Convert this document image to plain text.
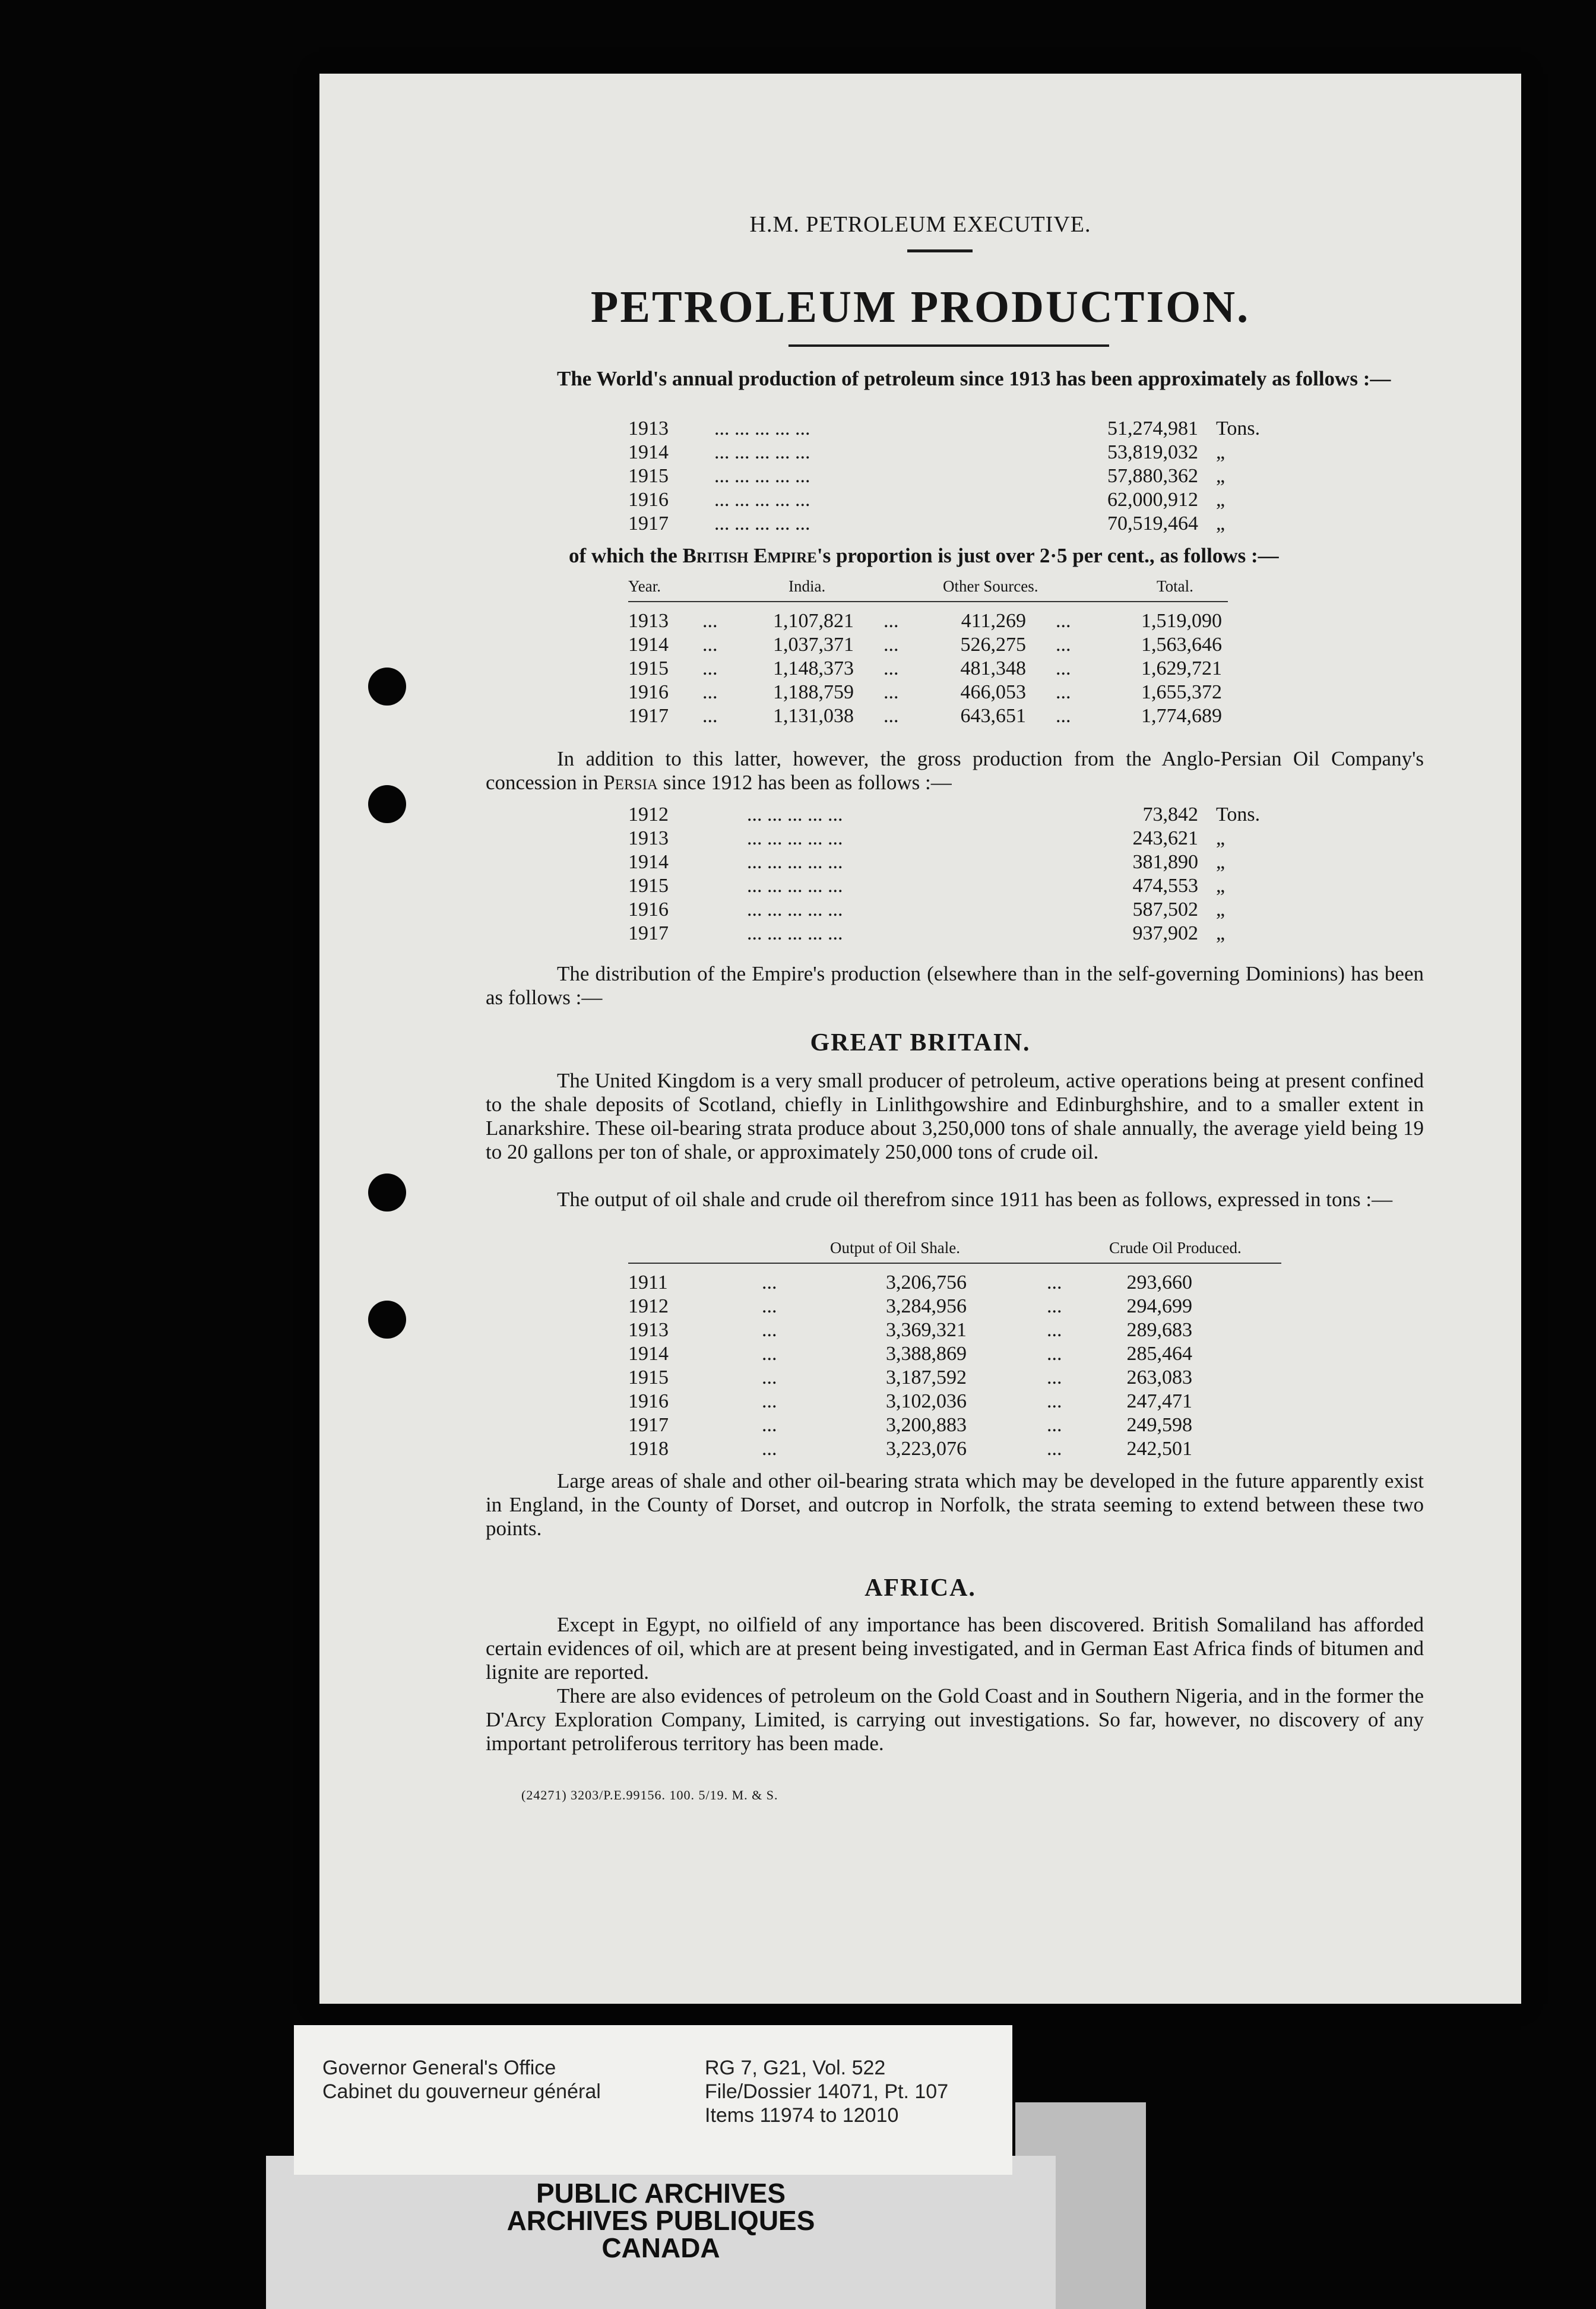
H.M. PETROLEUM EXECUTIVE.
PETROLEUM PRODUCTION.
The World's annual production of petroleum since 1913 has been approximately as follows :—
1913 ... ... ... ... ...	51,274,981 Tons.
1914 ... ... ... ... ...	53,819,032 „
1915 ... ... ... ... ...	57,880,362 „
1916 ... ... ... ... ...	62,000,912 „
1917 ... ... ... ... ...	70,519,464 „
of which the British Empire's proportion is just over 2·5 per cent., as follows :—
Year.	India.	Other Sources.	Total.
1913 ...	1,107,821 ...	411,269 ...	1,519,090
1914 ...	1,037,371 ...	526,275 ...	1,563,646
1915 ...	1,148,373 ...	481,348 ...	1,629,721
1916 ...	1,188,759 ...	466,053 ...	1,655,372
1917 ...	1,131,038 ...	643,651 ...	1,774,689
In addition to this latter, however, the gross production from the Anglo-Persian Oil Company's concession in Persia since 1912 has been as follows :—
1912	... ... ... ... ...	73,842 Tons.
1913	... ... ... ... ...	243,621 „
1914	... ... ... ... ...	381,890 „
1915	... ... ... ... ...	474,553 „
1916	... ... ... ... ...	587,502 „
1917	... ... ... ... ...	937,902 „
The distribution of the Empire's production (elsewhere than in the self-governing Dominions) has been as follows :—
GREAT BRITAIN.
The United Kingdom is a very small producer of petroleum, active operations being at present confined to the shale deposits of Scotland, chiefly in Linlithgowshire and Edinburghshire, and to a smaller extent in Lanarkshire. These oil-bearing strata produce about 3,250,000 tons of shale annually, the average yield being 19 to 20 gallons per ton of shale, or approximately 250,000 tons of crude oil.
The output of oil shale and crude oil therefrom since 1911 has been as follows, expressed in tons :—
Output of Oil Shale.	Crude Oil Produced.
1911	...	3,206,756	...	293,660
1912	...	3,284,956	...	294,699
1913	...	3,369,321	...	289,683
1914	...	3,388,869	...	285,464
1915	...	3,187,592	...	263,083
1916	...	3,102,036	...	247,471
1917	...	3,200,883	...	249,598
1918	...	3,223,076	...	242,501
Large areas of shale and other oil-bearing strata which may be developed in the future apparently exist in England, in the County of Dorset, and outcrop in Norfolk, the strata seeming to extend between these two points.
AFRICA.
Except in Egypt, no oilfield of any importance has been discovered. British Somaliland has afforded certain evidences of oil, which are at present being investigated, and in German East Africa finds of bitumen and lignite are reported.
There are also evidences of petroleum on the Gold Coast and in Southern Nigeria, and in the former the D'Arcy Exploration Company, Limited, is carrying out investigations. So far, however, no discovery of any important petroliferous territory has been made.
(24271) 3203/P.E.99156. 100. 5/19. M. & S.
PUBLIC ARCHIVES
ARCHIVES PUBLIQUES
CANADA
Governor General's Office
Cabinet du gouverneur général
RG 7, G21, Vol. 522
File/Dossier 14071, Pt. 107
Items 11974 to 12010
